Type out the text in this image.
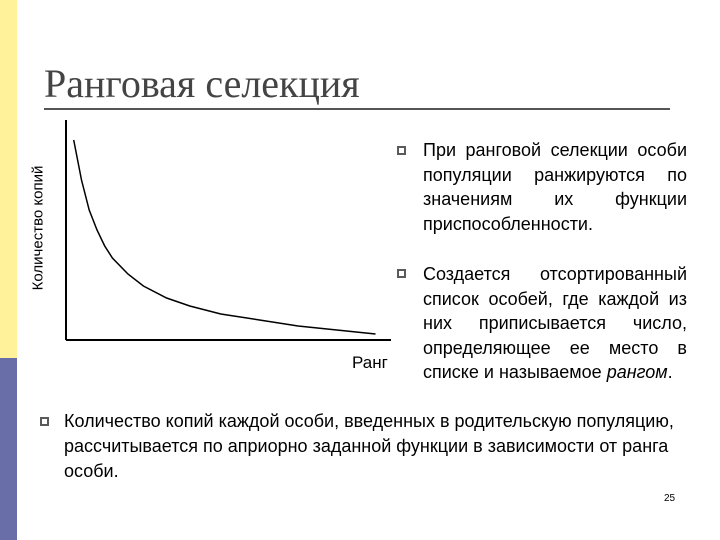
Ранговая селекция
Количество копий
Ранг
При ранговой селекции особи популяции ранжируются по значениям их функции приспособленности.
Создается отсортированный список особей, где каждой из них приписывается число, определяющее ее место в списке и называемое рангом.
Количество копий каждой особи, введенных в родительскую популяцию, рассчитывается по априорно заданной функции в зависимости от ранга особи.
25
